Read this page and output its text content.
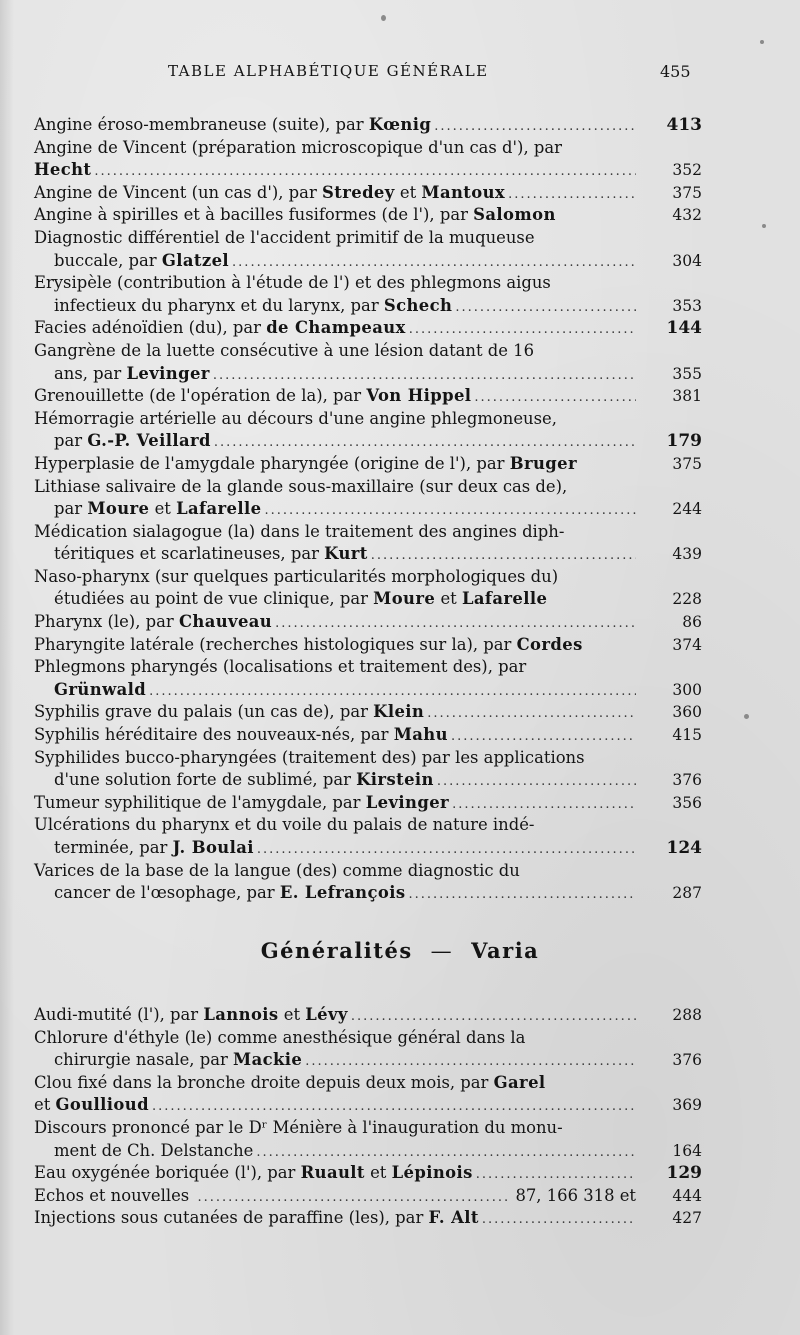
TABLE ALPHABÉTIQUE GÉNÉRALE	455
Angine éroso-membraneuse (suite), par Kœnig .....	413
Angine de Vincent (préparation microscopique d'un cas d'), par
Hecht .....	352
Angine de Vincent (un cas d'), par Stredey et Mantoux .....	375
Angine à spirilles et à bacilles fusiformes (de l'), par Salomon	432
Diagnostic différentiel de l'accident primitif de la muqueuse
buccale, par Glatzel .....	304
Erysipèle (contribution à l'étude de l') et des phlegmons aigus
infectieux du pharynx et du larynx, par Schech .....	353
Facies adénoïdien (du), par de Champeaux .....	144
Gangrène de la luette consécutive à une lésion datant de 16
ans, par Levinger .....	355
Grenouillette (de l'opération de la), par Von Hippel .....	381
Hémorragie artérielle au décours d'une angine phlegmoneuse,
par G.-P. Veillard .....	179
Hyperplasie de l'amygdale pharyngée (origine de l'), par Bruger	375
Lithiase salivaire de la glande sous-maxillaire (sur deux cas de),
par Moure et Lafarelle .....	244
Médication sialagogue (la) dans le traitement des angines diph-
téritiques et scarlatineuses, par Kurt .....	439
Naso-pharynx (sur quelques particularités morphologiques du)
étudiées au point de vue clinique, par Moure et Lafarelle	228
Pharynx (le), par Chauveau .....	86
Pharyngite latérale (recherches histologiques sur la), par Cordes	374
Phlegmons pharyngés (localisations et traitement des), par
Grünwald .....	300
Syphilis grave du palais (un cas de), par Klein .....	360
Syphilis héréditaire des nouveaux-nés, par Mahu .....	415
Syphilides bucco-pharyngées (traitement des) par les applications
d'une solution forte de sublimé, par Kirstein .....	376
Tumeur syphilitique de l'amygdale, par Levinger .....	356
Ulcérations du pharynx et du voile du palais de nature indé-
terminée, par J. Boulai .....	124
Varices de la base de la langue (des) comme diagnostic du
cancer de l'œsophage, par E. Lefrançois .....	287
Généralités — Varia
Audi-mutité (l'), par Lannois et Lévy .....	288
Chlorure d'éthyle (le) comme anesthésique général dans la
chirurgie nasale, par Mackie .....	376
Clou fixé dans la bronche droite depuis deux mois, par Garel
et Goullioud .....	369
Discours prononcé par le Dʳ Ménière à l'inauguration du monu-
ment de Ch. Delstanche .....	164
Eau oxygénée boriquée (l'), par Ruault et Lépinois .....	129
Echos et nouvelles .....	87, 166 318 et	444
Injections sous cutanées de paraffine (les), par F. Alt .....	427
